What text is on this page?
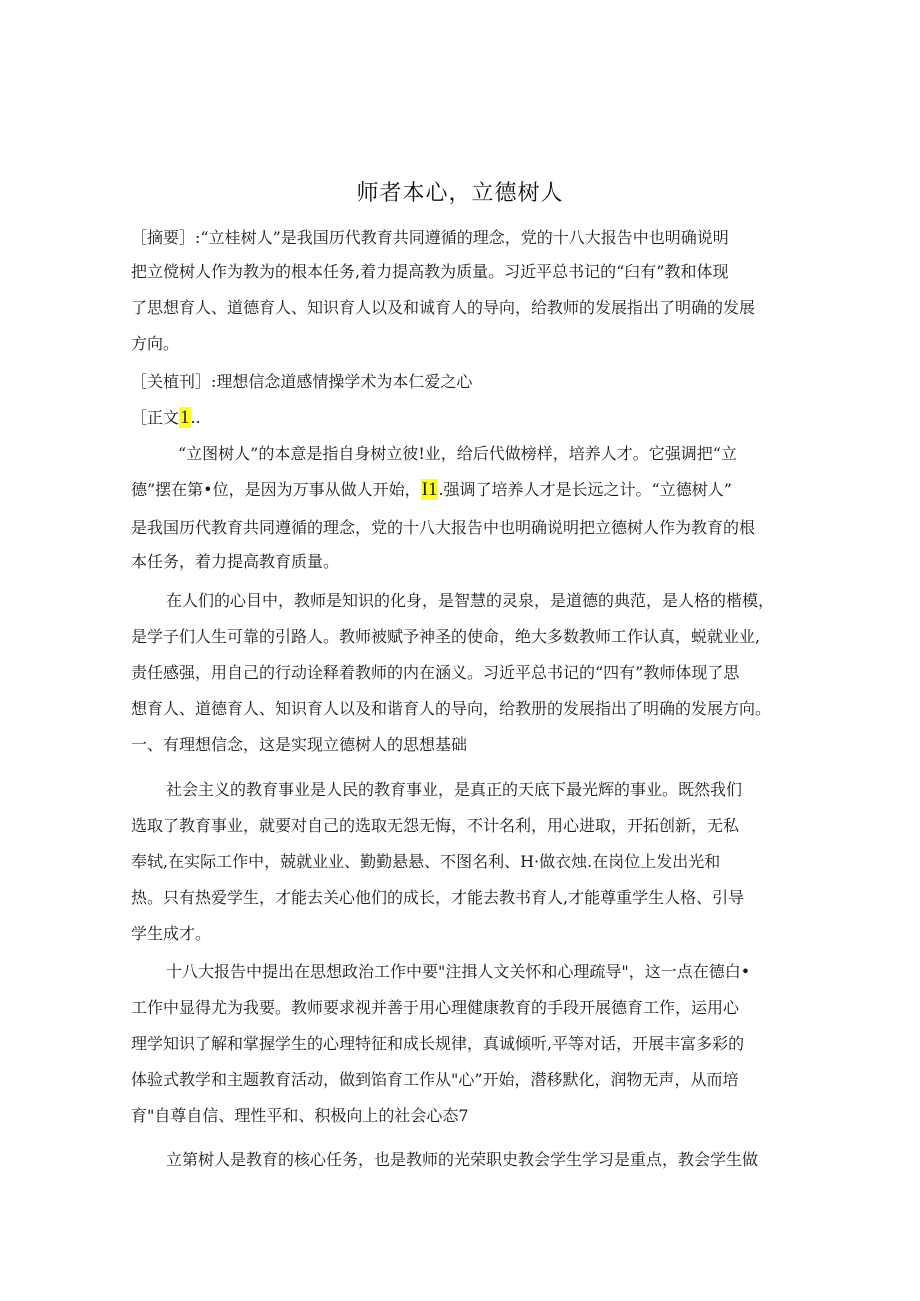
师者本心，立德树人
［摘要］:“立桂树人”是我国历代教育共同遵循的理念，党的十八大报告中也明确说明
把立傥树人作为教为的根本任务,着力提高教为质量。习近平总书记的“臼有”教和体现
了思想育人、道德育人、知识育人以及和诚育人的导向，给教师的发展指出了明确的发展
方向。
［关植刊］:理想信念道感情操学术为本仁爱之心
［正文1..
“立图树人”的本意是指自身树立彼!业，给后代做榜样，培养人才。它强调把“立
德”摆在第•位，是因为万事从做人开始，I1.强调了培养人才是长远之计。“立德树人”
是我国历代教育共同遵循的理念，党的十八大报告中也明确说明把立德树人作为教育的根
本任务，着力提高教育质量。
在人们的心目中，教师是知识的化身，是智慧的灵泉，是道德的典范，是人格的楷模，
是学子们人生可靠的引路人。教师被赋予神圣的使命，绝大多数教师工作认真，蜕就业业,
责任感强，用自己的行动诠释着教师的内在涵义。习近平总书记的“四有”教师体现了思
想育人、道德育人、知识育人以及和谐育人的导向，给教册的发展指出了明确的发展方向。
一、有理想信念，这是实现立德树人的思想基础
社会主义的教育事业是人民的教育事业，是真正的天底下最光辉的事业。既然我们
选取了教育事业，就要对自己的选取无怨无悔，不计名利，用心进取，开拓创新，无私
奉轼,在实际工作中，兢就业业、勤勤悬悬、不图名利、H·做衣烛.在岗位上发出光和
热。只有热爱学生，才能去关心他们的成长，才能去教书育人,才能尊重学生人格、引导
学生成才。
十八大报告中提出在思想政治工作中要"注揖人文关怀和心理疏导"，这一点在德白•
工作中显得尤为我要。教师要求视并善于用心理健康教育的手段开展德育工作，运用心
理学知识了解和掌握学生的心理特征和成长规律，真诚倾听,平等对话，开展丰富多彩的
体验式教学和主题教育活动，做到馅育工作从"心”开始，潜移默化，润物无声，从而培
育"自尊自信、理性平和、积极向上的社会心态7
立第树人是教育的核心任务，也是教师的光荣职史教会学生学习是重点，教会学生做
